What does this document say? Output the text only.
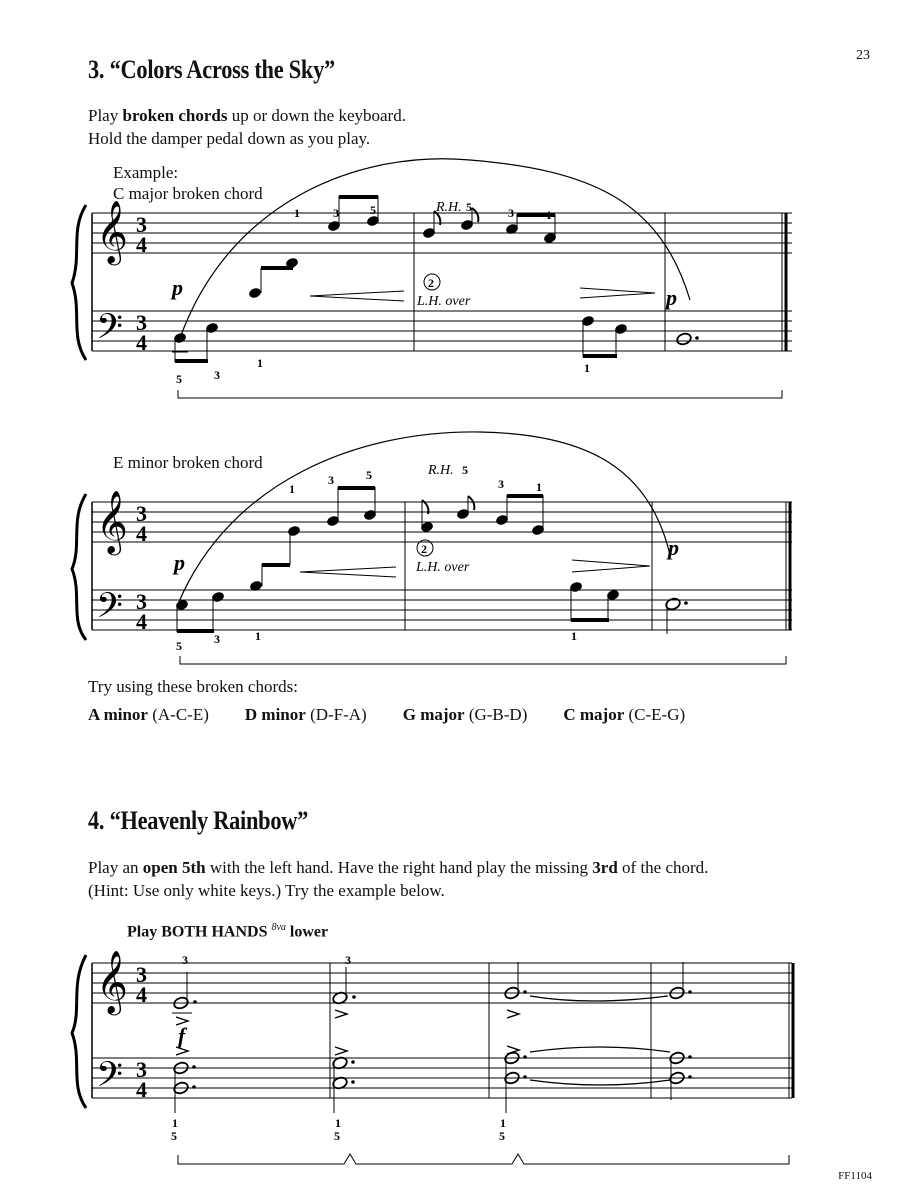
23
3. “Colors Across the Sky”
Play broken chords up or down the keyboard.
Hold the damper pedal down as you play.
Example:
C major broken chord
E minor broken chord
𝄞
𝄢
3
4
3
4
p	p
R.H.
L.H. over
2
1	3	5	5	3	1
5	3
1	1
𝄞
𝄢
3
4
3
4
p
p
R.H.
L.H. over
2
1
3	5	5
3	1
5	3	1	1
𝄞
𝄢
3
4
3
4
f
3	3
1
5
1
5
1
5
Try using these broken chords:
A minor (A-C-E) D minor (D-F-A) G major (G-B-D) C major (C-E-G)
4. “Heavenly Rainbow”
Play an open 5th with the left hand. Have the right hand play the missing 3rd of the chord.
(Hint: Use only white keys.) Try the example below.
Play BOTH HANDS $^{8va}$ lower
FF1104
